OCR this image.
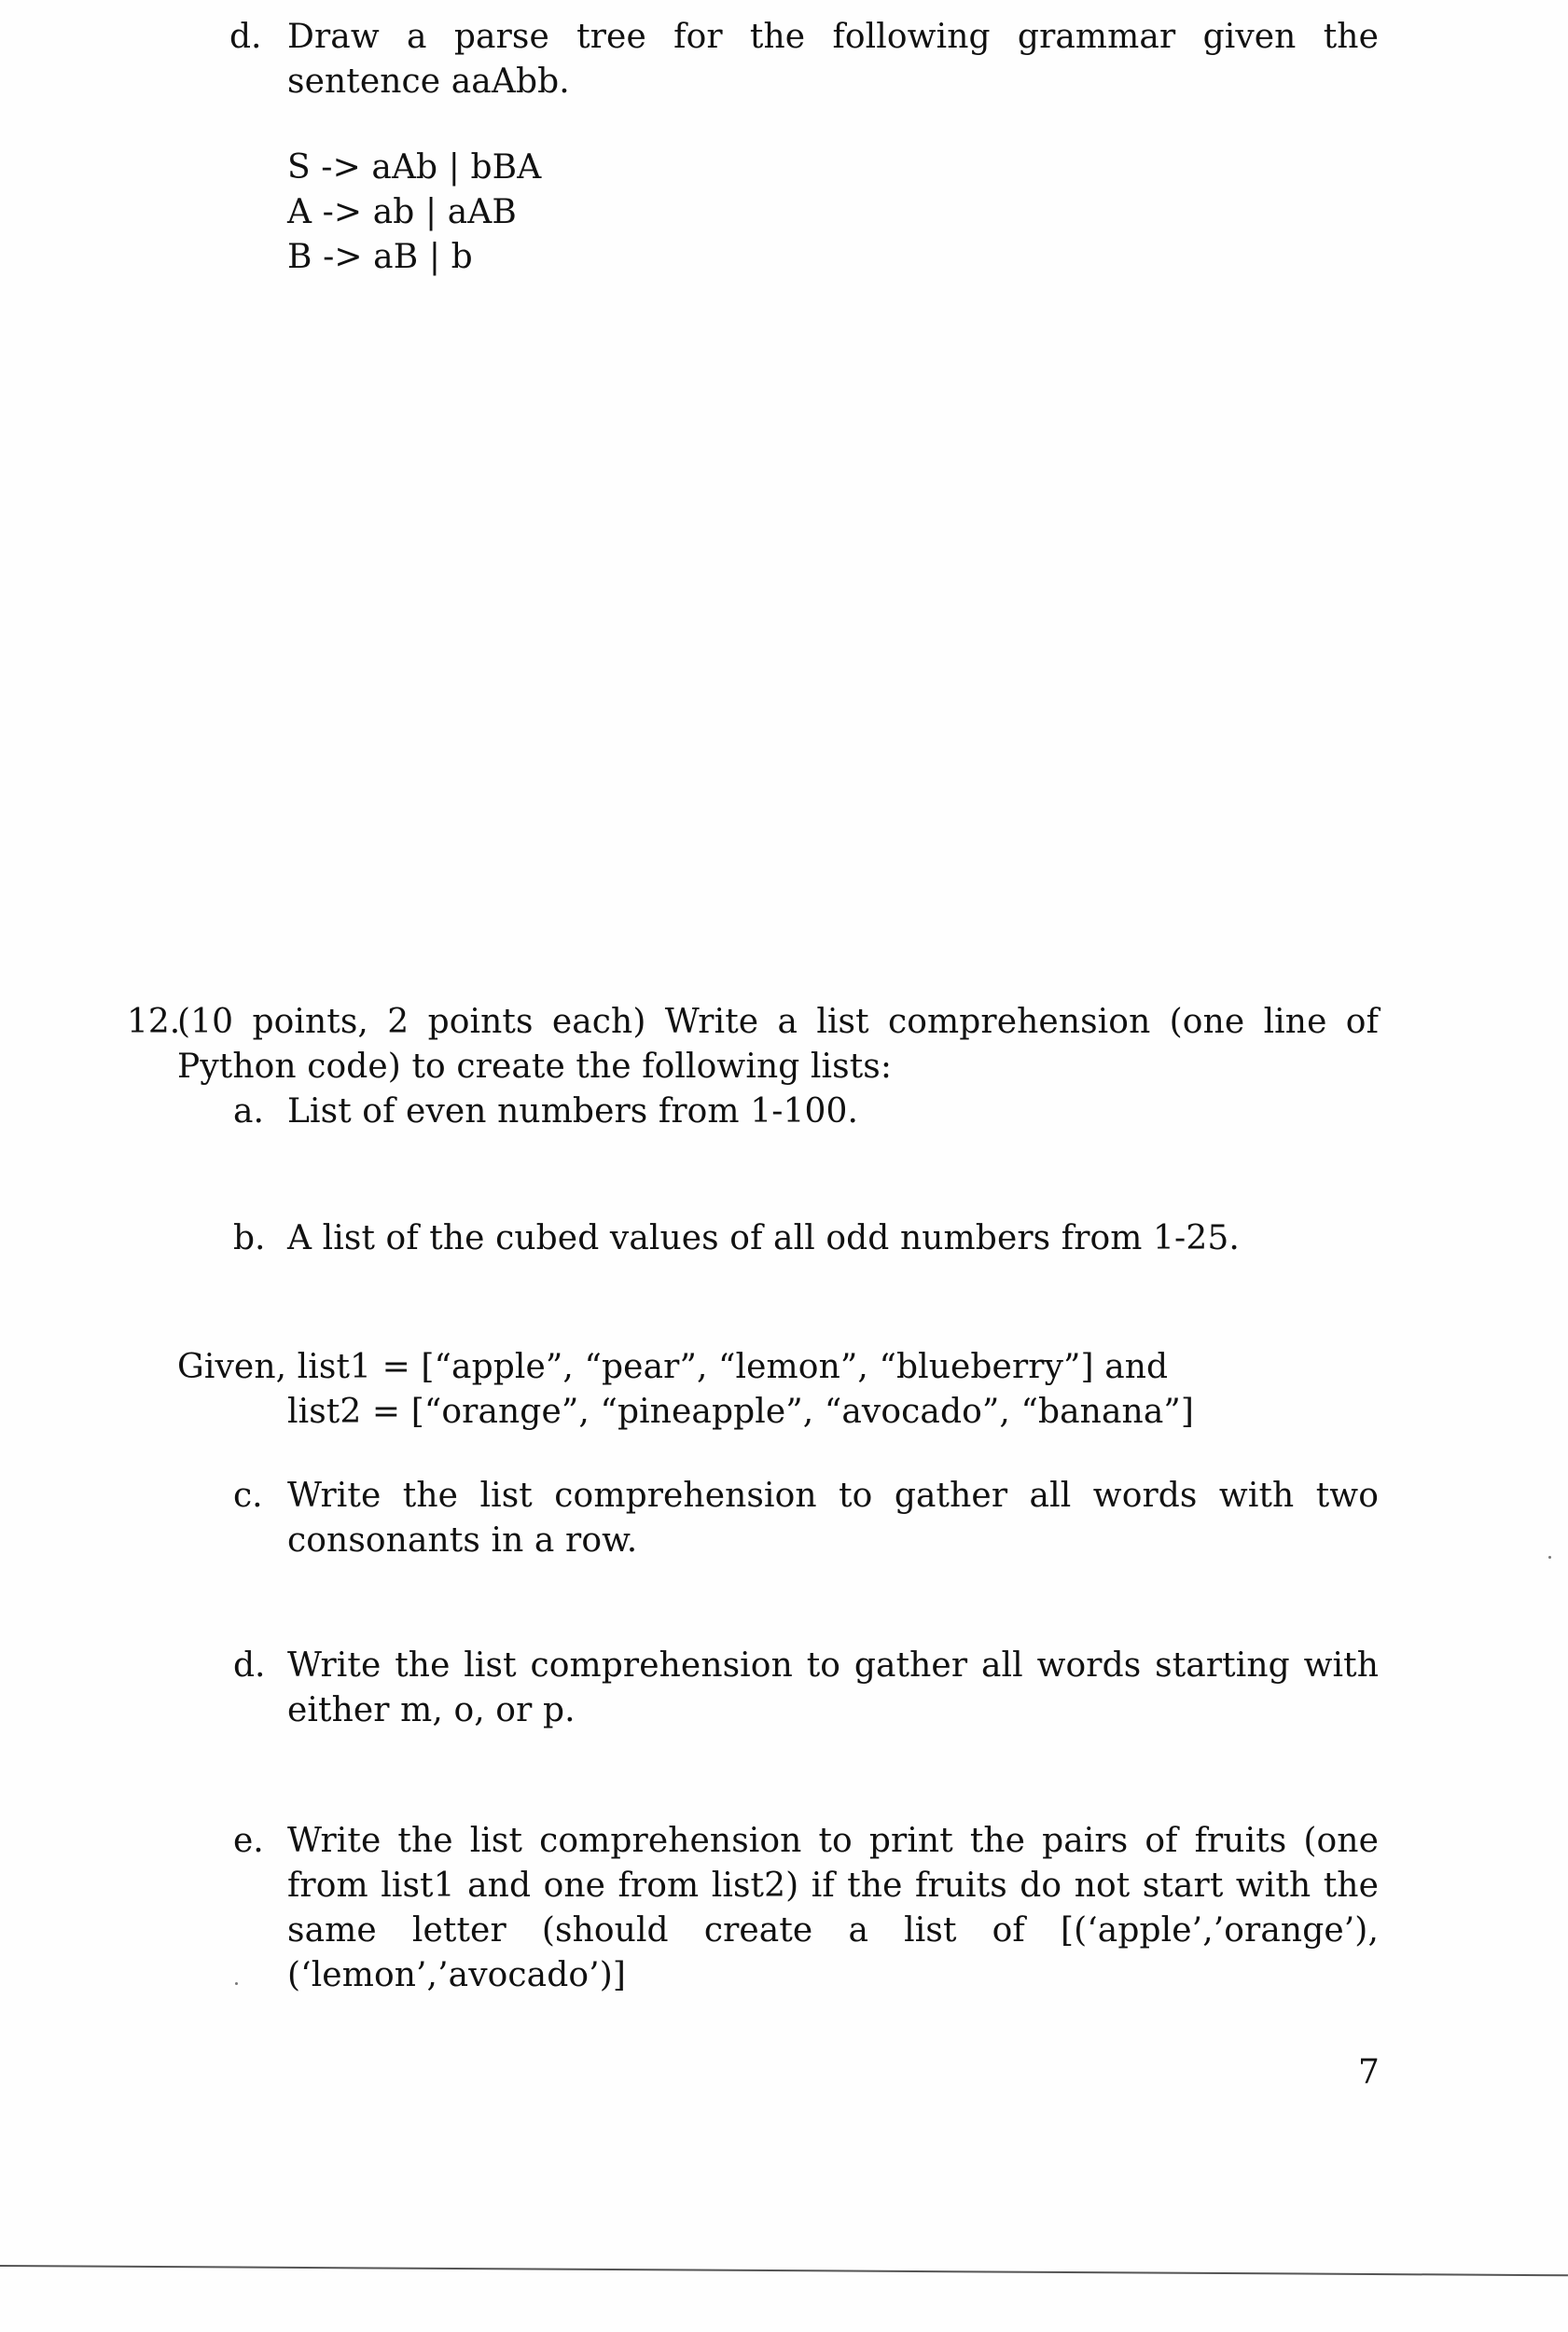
d. Draw a parse tree for the following grammar given the sentence aaAbb.
S -> aAb | bBA
A -> ab | aAB
B -> aB | b
12.
(10 points, 2 points each) Write a list comprehension (one line of Python code) to create the following lists:
a. List of even numbers from 1-100.
b. A list of the cubed values of all odd numbers from 1-25.
Given, list1 = [“apple”, “pear”, “lemon”, “blueberry”] and
list2 = [“orange”, “pineapple”, “avocado”, “banana”]
c. Write the list comprehension to gather all words with two consonants in a row.
d. Write the list comprehension to gather all words starting with either m, o, or p.
e. Write the list comprehension to print the pairs of fruits (one from list1 and one from list2) if the fruits do not start with the same letter (should create a list of [(‘apple’,’orange’),(‘lemon’,’avocado’)]
7
